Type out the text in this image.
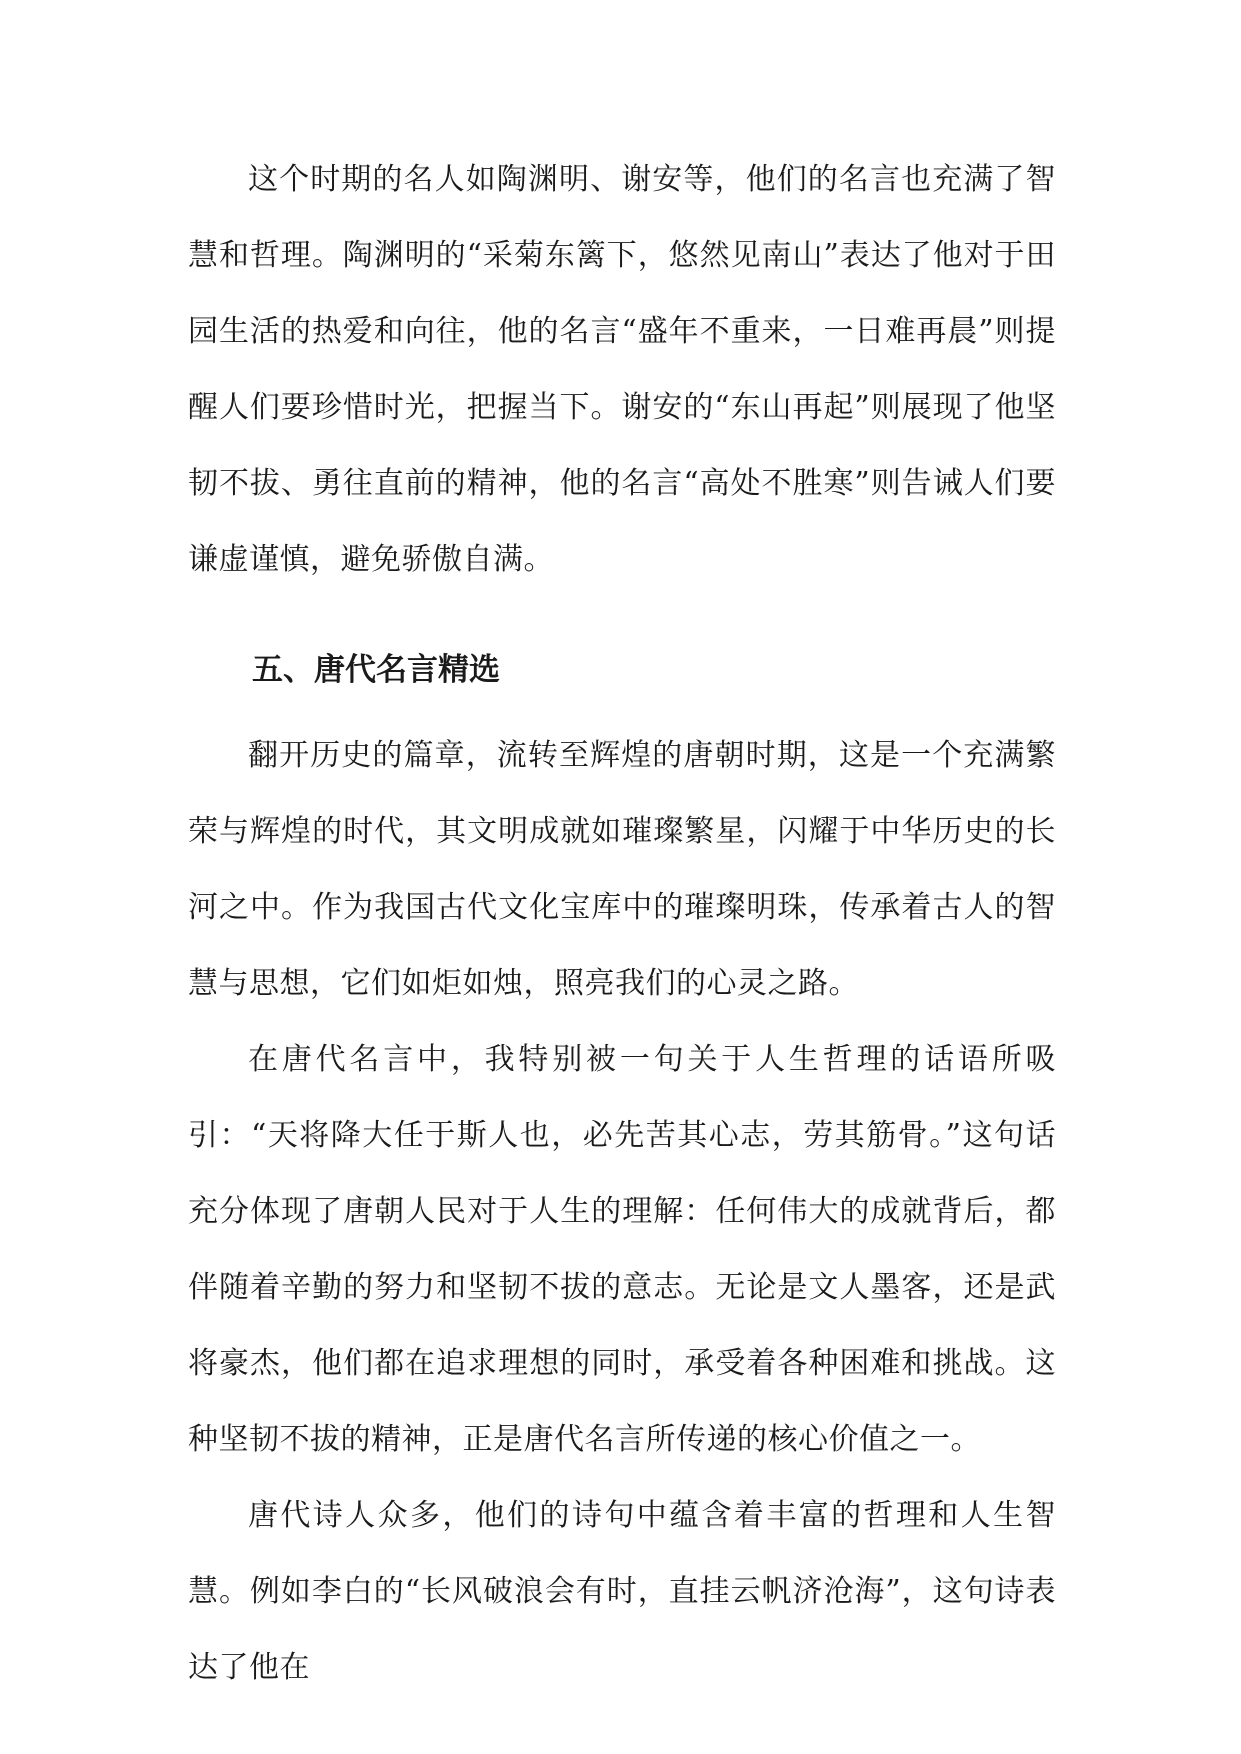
这个时期的名人如陶渊明、谢安等，他们的名言也充满了智慧和哲理。陶渊明的“采菊东篱下，悠然见南山”表达了他对于田园生活的热爱和向往，他的名言“盛年不重来，一日难再晨”则提醒人们要珍惜时光，把握当下。谢安的“东山再起”则展现了他坚韧不拔、勇往直前的精神，他的名言“高处不胜寒”则告诫人们要谦虚谨慎，避免骄傲自满。

五、唐代名言精选

翻开历史的篇章，流转至辉煌的唐朝时期，这是一个充满繁荣与辉煌的时代，其文明成就如璀璨繁星，闪耀于中华历史的长河之中。作为我国古代文化宝库中的璀璨明珠，传承着古人的智慧与思想，它们如炬如烛，照亮我们的心灵之路。

在唐代名言中，我特别被一句关于人生哲理的话语所吸引：“天将降大任于斯人也，必先苦其心志，劳其筋骨。”这句话充分体现了唐朝人民对于人生的理解：任何伟大的成就背后，都伴随着辛勤的努力和坚韧不拔的意志。无论是文人墨客，还是武将豪杰，他们都在追求理想的同时，承受着各种困难和挑战。这种坚韧不拔的精神，正是唐代名言所传递的核心价值之一。

唐代诗人众多，他们的诗句中蕴含着丰富的哲理和人生智慧。例如李白的“长风破浪会有时，直挂云帆济沧海”，这句诗表达了他在
